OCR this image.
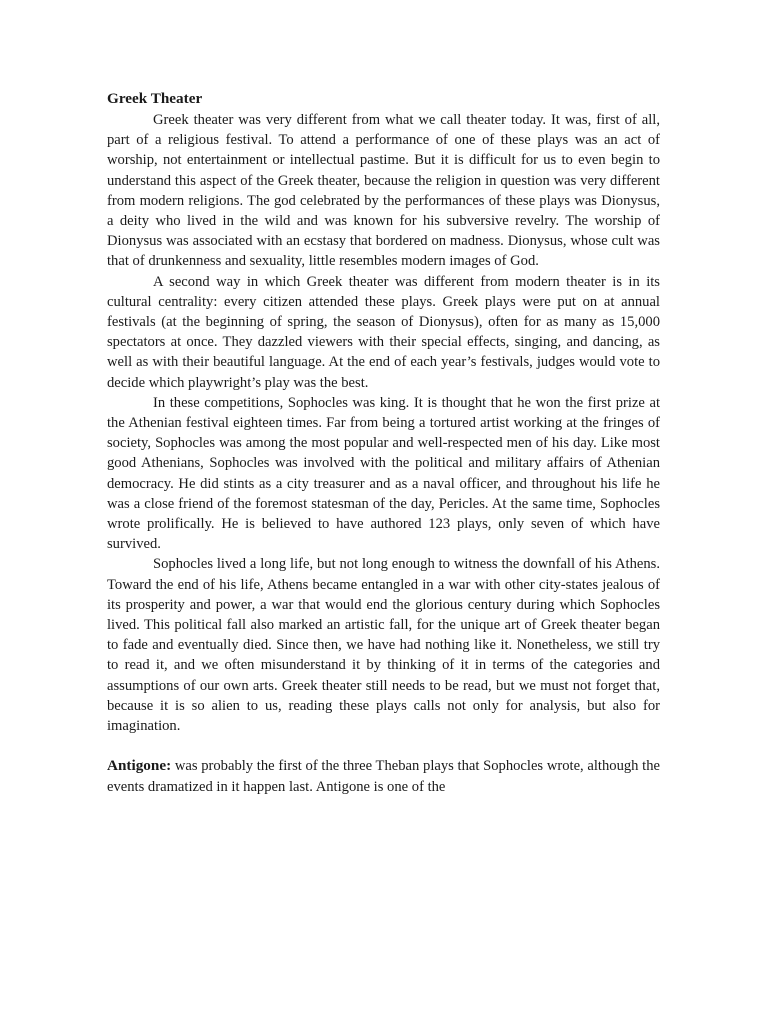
Greek Theater

Greek theater was very different from what we call theater today. It was, first of all, part of a religious festival. To attend a performance of one of these plays was an act of worship, not entertainment or intellectual pastime. But it is difficult for us to even begin to understand this aspect of the Greek theater, because the religion in question was very different from modern religions. The god celebrated by the performances of these plays was Dionysus, a deity who lived in the wild and was known for his subversive revelry. The worship of Dionysus was associated with an ecstasy that bordered on madness. Dionysus, whose cult was that of drunkenness and sexuality, little resembles modern images of God.

A second way in which Greek theater was different from modern theater is in its cultural centrality: every citizen attended these plays. Greek plays were put on at annual festivals (at the beginning of spring, the season of Dionysus), often for as many as 15,000 spectators at once. They dazzled viewers with their special effects, singing, and dancing, as well as with their beautiful language. At the end of each year’s festivals, judges would vote to decide which playwright’s play was the best.

In these competitions, Sophocles was king. It is thought that he won the first prize at the Athenian festival eighteen times. Far from being a tortured artist working at the fringes of society, Sophocles was among the most popular and well-respected men of his day. Like most good Athenians, Sophocles was involved with the political and military affairs of Athenian democracy. He did stints as a city treasurer and as a naval officer, and throughout his life he was a close friend of the foremost statesman of the day, Pericles. At the same time, Sophocles wrote prolifically. He is believed to have authored 123 plays, only seven of which have survived.

Sophocles lived a long life, but not long enough to witness the downfall of his Athens. Toward the end of his life, Athens became entangled in a war with other city-states jealous of its prosperity and power, a war that would end the glorious century during which Sophocles lived. This political fall also marked an artistic fall, for the unique art of Greek theater began to fade and eventually died. Since then, we have had nothing like it. Nonetheless, we still try to read it, and we often misunderstand it by thinking of it in terms of the categories and assumptions of our own arts. Greek theater still needs to be read, but we must not forget that, because it is so alien to us, reading these plays calls not only for analysis, but also for imagination.

Antigone: was probably the first of the three Theban plays that Sophocles wrote, although the events dramatized in it happen last. Antigone is one of the
